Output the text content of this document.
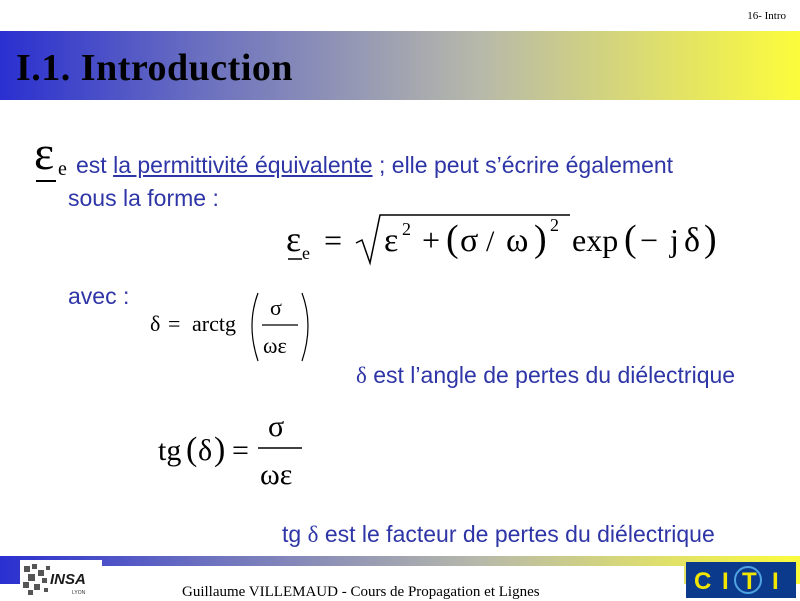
16- Intro
I.1. Introduction
ε e est la permittivité équivalente ; elle peut s’écrire également
sous la forme :
ε e = ε 2 + ( σ / ω ) 2 exp ( − j δ )
avec :
δ = arctg
σ
ωε
δ est l’angle de pertes du diélectrique
tg ( δ ) =
σ
ωε
tg δ est le facteur de pertes du diélectrique
Guillaume VILLEMAUD - Cours de Propagation et Lignes
INSA
LYON	C I T I
